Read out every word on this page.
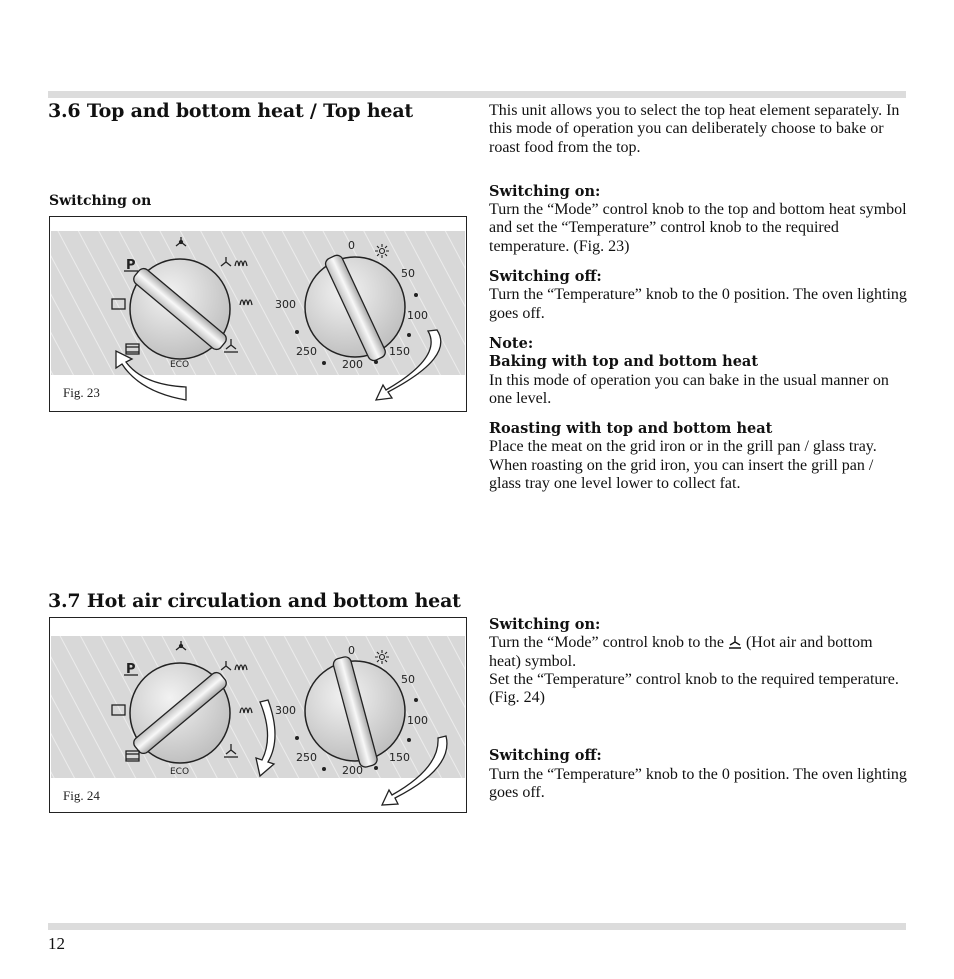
3.6 Top and bottom heat / Top heat
Switching on

This unit allows you to select the top heat element separately. In this mode of operation you can deliberately choose to bake or roast food from the top.

Switching on:
Turn the “Mode” control knob to the top and bottom heat symbol and set the “Temperature” control knob to the required temperature. (Fig. 23)

Switching off:
Turn the “Temperature” knob to the 0 position. The oven lighting goes off.

Note:
Baking with top and bottom heat
In this mode of operation you can bake in the usual manner on one level.

Roasting with top and bottom heat
Place the meat on the grid iron or in the grill pan / glass tray. When roasting on the grid iron, you can insert the grill pan / glass tray one level lower to collect fat.

P
ECO
0
50
100
150
200
250
300
Fig. 23
3.7 Hot air circulation and bottom heat

Switching on:
Turn the “Mode” control knob to the (Hot air and bottom heat) symbol.
Set the “Temperature” control knob to the required temperature. (Fig. 24)

Switching off:
Turn the “Temperature” knob to the 0 position. The oven lighting goes off.

P
ECO
0
50
100
150
200
250
300
Fig. 24
12
